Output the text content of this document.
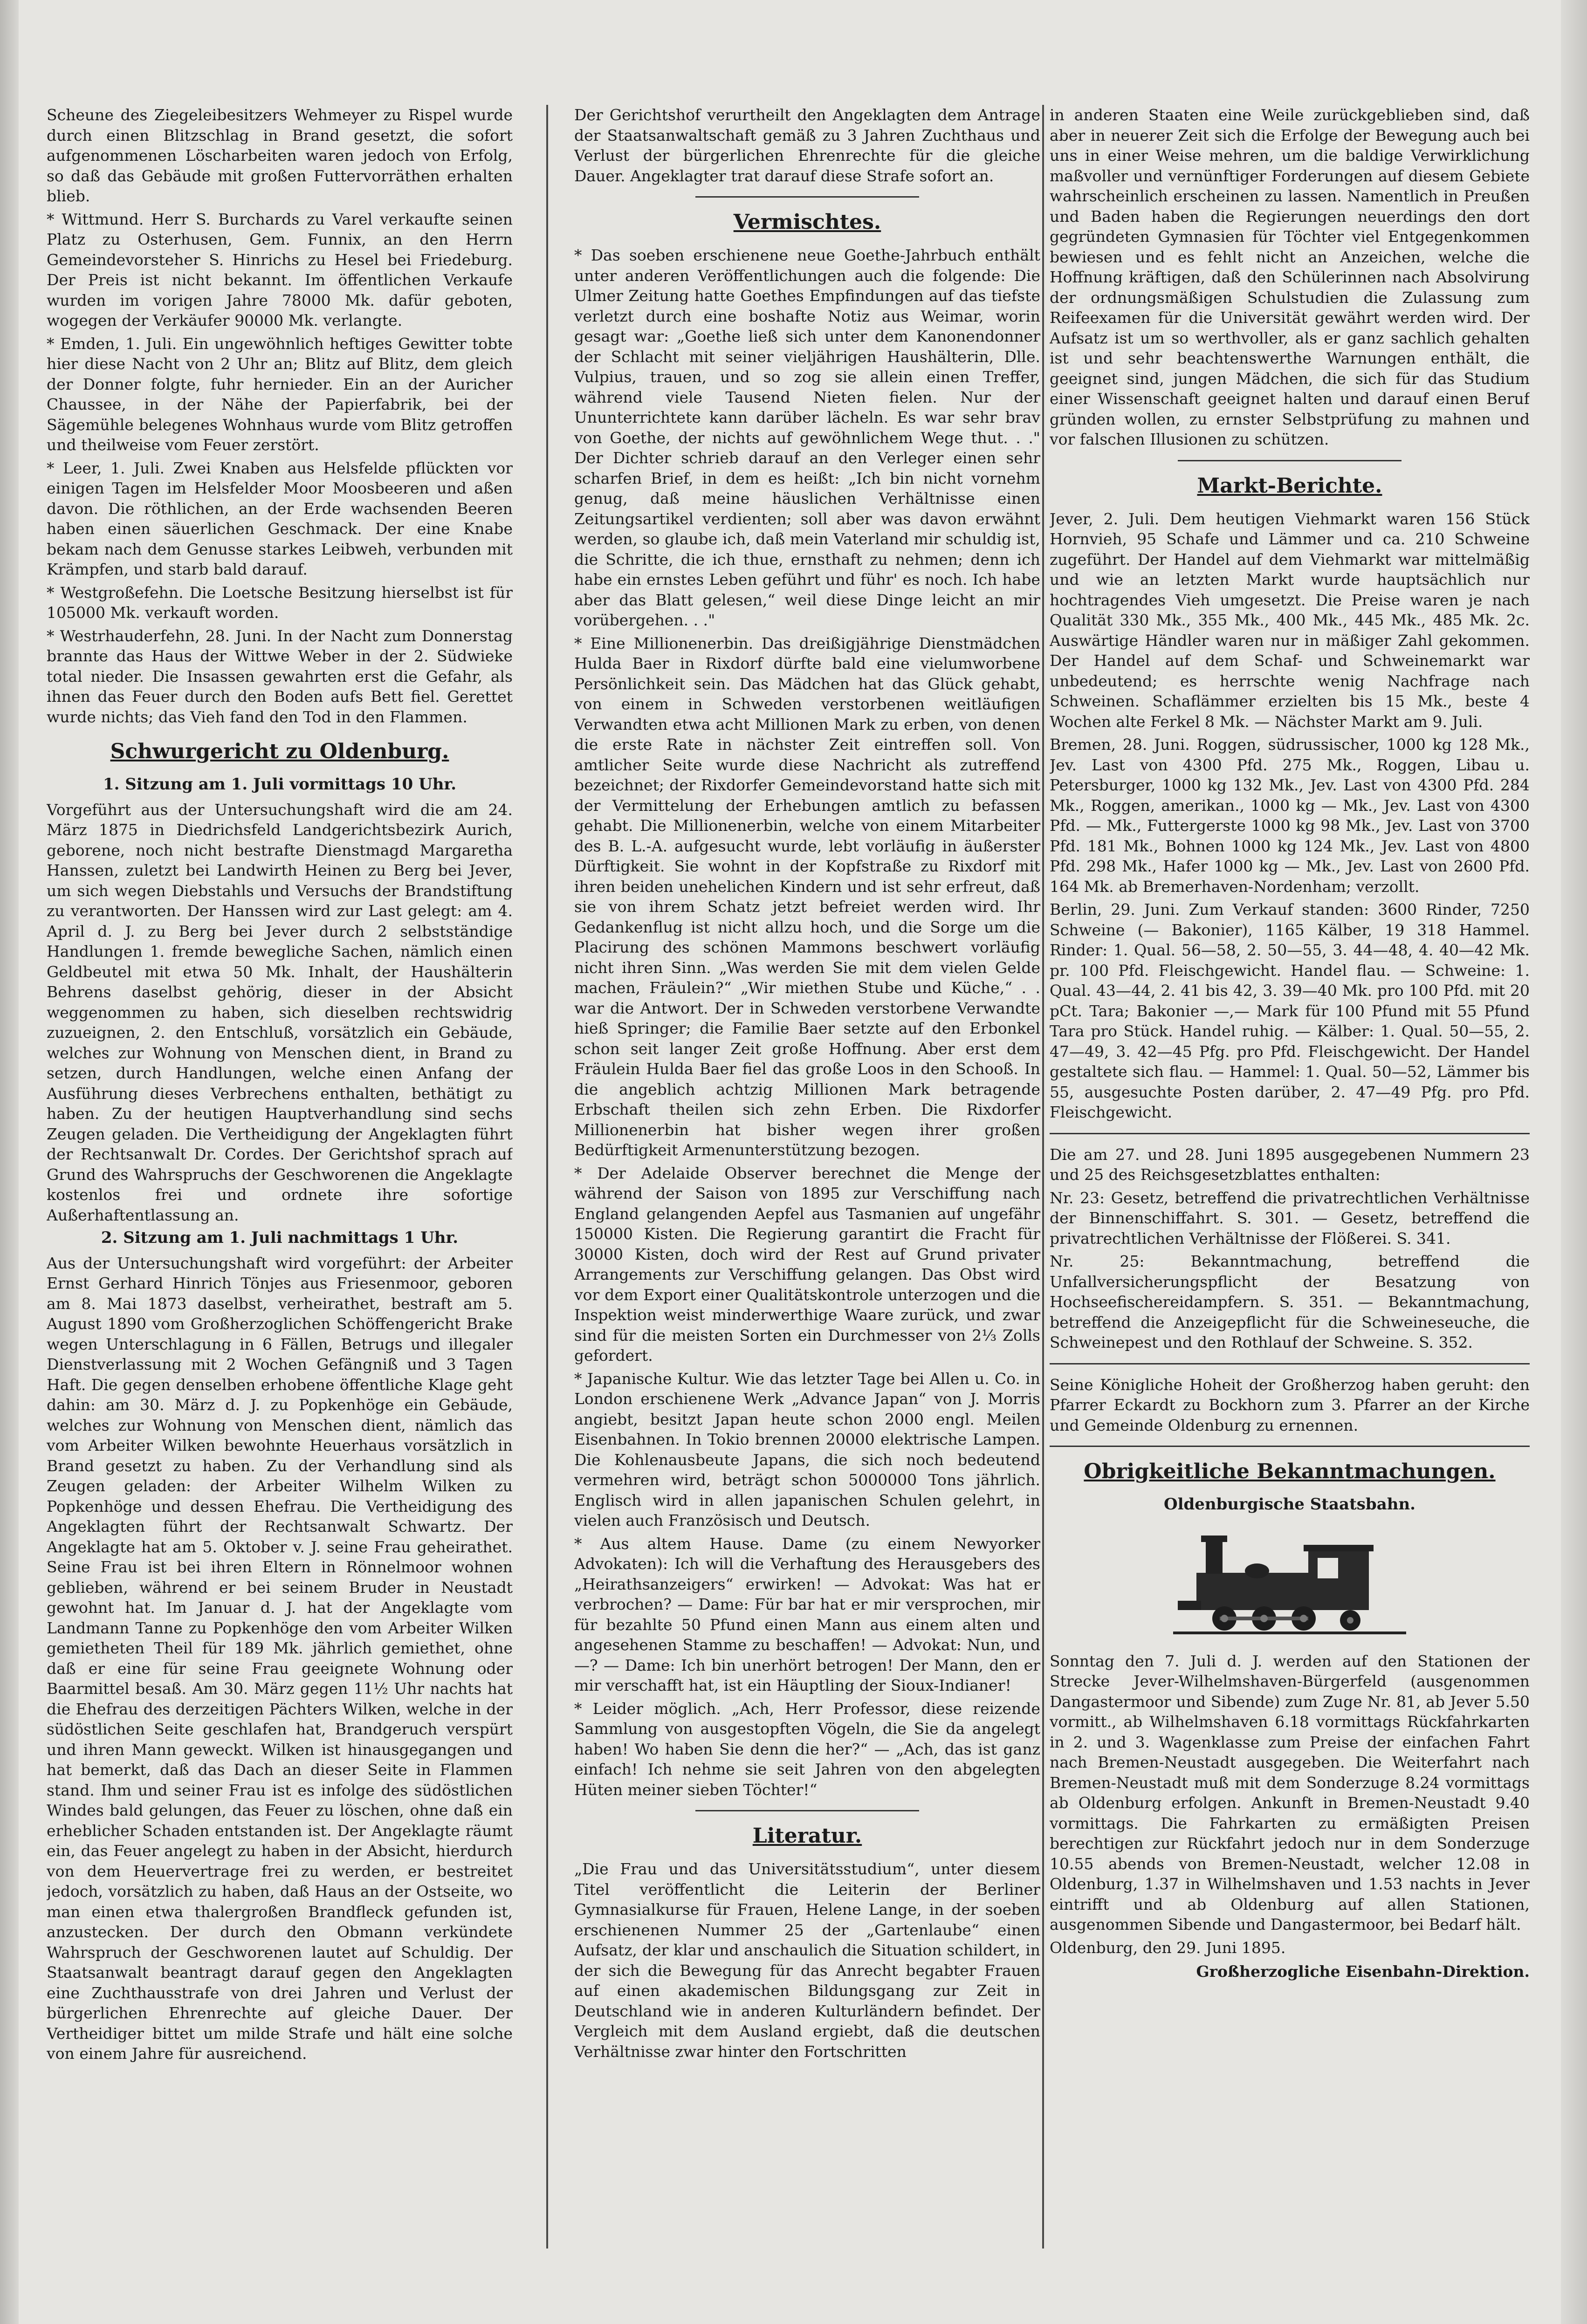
Scheune des Ziegeleibesitzers Wehmeyer zu Rispel wurde durch einen Blitzschlag in Brand gesetzt, die sofort aufgenommenen Löscharbeiten waren jedoch von Erfolg, so daß das Gebäude mit großen Futtervorräthen erhalten blieb.

* Wittmund. Herr S. Burchards zu Varel verkaufte seinen Platz zu Osterhusen, Gem. Funnix, an den Herrn Gemeindevorsteher S. Hinrichs zu Hesel bei Friedeburg. Der Preis ist nicht bekannt. Im öffentlichen Verkaufe wurden im vorigen Jahre 78000 Mk. dafür geboten, wogegen der Verkäufer 90000 Mk. verlangte.

* Emden, 1. Juli. Ein ungewöhnlich heftiges Gewitter tobte hier diese Nacht von 2 Uhr an; Blitz auf Blitz, dem gleich der Donner folgte, fuhr hernieder. Ein an der Auricher Chaussee, in der Nähe der Papierfabrik, bei der Sägemühle belegenes Wohnhaus wurde vom Blitz getroffen und theilweise vom Feuer zerstört.

* Leer, 1. Juli. Zwei Knaben aus Helsfelde pflückten vor einigen Tagen im Helsfelder Moor Moosbeeren und aßen davon. Die röthlichen, an der Erde wachsenden Beeren haben einen säuerlichen Geschmack. Der eine Knabe bekam nach dem Genusse starkes Leibweh, verbunden mit Krämpfen, und starb bald darauf.

* Westgroßefehn. Die Loetsche Besitzung hierselbst ist für 105000 Mk. verkauft worden.

* Westrhauderfehn, 28. Juni. In der Nacht zum Donnerstag brannte das Haus der Wittwe Weber in der 2. Südwieke total nieder. Die Insassen gewahrten erst die Gefahr, als ihnen das Feuer durch den Boden aufs Bett fiel. Gerettet wurde nichts; das Vieh fand den Tod in den Flammen.

Schwurgericht zu Oldenburg.
1. Sitzung am 1. Juli vormittags 10 Uhr.

Vorgeführt aus der Untersuchungshaft wird die am 24. März 1875 in Diedrichsfeld Landgerichtsbezirk Aurich, geborene, noch nicht bestrafte Dienstmagd Margaretha Hanssen, zuletzt bei Landwirth Heinen zu Berg bei Jever, um sich wegen Diebstahls und Versuchs der Brandstiftung zu verantworten. Der Hanssen wird zur Last gelegt: am 4. April d. J. zu Berg bei Jever durch 2 selbstständige Handlungen 1. fremde bewegliche Sachen, nämlich einen Geldbeutel mit etwa 50 Mk. Inhalt, der Haushälterin Behrens daselbst gehörig, dieser in der Absicht weggenommen zu haben, sich dieselben rechtswidrig zuzueignen, 2. den Entschluß, vorsätzlich ein Gebäude, welches zur Wohnung von Menschen dient, in Brand zu setzen, durch Handlungen, welche einen Anfang der Ausführung dieses Verbrechens enthalten, bethätigt zu haben. Zu der heutigen Hauptverhandlung sind sechs Zeugen geladen. Die Vertheidigung der Angeklagten führt der Rechtsanwalt Dr. Cordes. Der Gerichtshof sprach auf Grund des Wahrspruchs der Geschworenen die Angeklagte kostenlos frei und ordnete ihre sofortige Außerhaftentlassung an.

2. Sitzung am 1. Juli nachmittags 1 Uhr.

Aus der Untersuchungshaft wird vorgeführt: der Arbeiter Ernst Gerhard Hinrich Tönjes aus Friesenmoor, geboren am 8. Mai 1873 daselbst, verheirathet, bestraft am 5. August 1890 vom Großherzoglichen Schöffengericht Brake wegen Unterschlagung in 6 Fällen, Betrugs und illegaler Dienstverlassung mit 2 Wochen Gefängniß und 3 Tagen Haft. Die gegen denselben erhobene öffentliche Klage geht dahin: am 30. März d. J. zu Popkenhöge ein Gebäude, welches zur Wohnung von Menschen dient, nämlich das vom Arbeiter Wilken bewohnte Heuerhaus vorsätzlich in Brand gesetzt zu haben. Zu der Verhandlung sind als Zeugen geladen: der Arbeiter Wilhelm Wilken zu Popkenhöge und dessen Ehefrau. Die Vertheidigung des Angeklagten führt der Rechtsanwalt Schwartz. Der Angeklagte hat am 5. Oktober v. J. seine Frau geheirathet. Seine Frau ist bei ihren Eltern in Rönnelmoor wohnen geblieben, während er bei seinem Bruder in Neustadt gewohnt hat. Im Januar d. J. hat der Angeklagte vom Landmann Tanne zu Popkenhöge den vom Arbeiter Wilken gemietheten Theil für 189 Mk. jährlich gemiethet, ohne daß er eine für seine Frau geeignete Wohnung oder Baarmittel besaß. Am 30. März gegen 11½ Uhr nachts hat die Ehefrau des derzeitigen Pächters Wilken, welche in der südöstlichen Seite geschlafen hat, Brandgeruch verspürt und ihren Mann geweckt. Wilken ist hinausgegangen und hat bemerkt, daß das Dach an dieser Seite in Flammen stand. Ihm und seiner Frau ist es infolge des südöstlichen Windes bald gelungen, das Feuer zu löschen, ohne daß ein erheblicher Schaden entstanden ist. Der Angeklagte räumt ein, das Feuer angelegt zu haben in der Absicht, hierdurch von dem Heuervertrage frei zu werden, er bestreitet jedoch, vorsätzlich zu haben, daß Haus an der Ostseite, wo man einen etwa thalergroßen Brandfleck gefunden ist, anzustecken. Der durch den Obmann verkündete Wahrspruch der Geschworenen lautet auf Schuldig. Der Staatsanwalt beantragt darauf gegen den Angeklagten eine Zuchthausstrafe von drei Jahren und Verlust der bürgerlichen Ehrenrechte auf gleiche Dauer. Der Vertheidiger bittet um milde Strafe und hält eine solche von einem Jahre für ausreichend.

Der Gerichtshof verurtheilt den Angeklagten dem Antrage der Staatsanwaltschaft gemäß zu 3 Jahren Zuchthaus und Verlust der bürgerlichen Ehrenrechte für die gleiche Dauer. Angeklagter trat darauf diese Strafe sofort an.

Vermischtes.

* Das soeben erschienene neue Goethe-Jahrbuch enthält unter anderen Veröffentlichungen auch die folgende: Die Ulmer Zeitung hatte Goethes Empfindungen auf das tiefste verletzt durch eine boshafte Notiz aus Weimar, worin gesagt war: „Goethe ließ sich unter dem Kanonendonner der Schlacht mit seiner vieljährigen Haushälterin, Dlle. Vulpius, trauen, und so zog sie allein einen Treffer, während viele Tausend Nieten fielen. Nur der Ununterrichtete kann darüber lächeln. Es war sehr brav von Goethe, der nichts auf gewöhnlichem Wege thut. . ." Der Dichter schrieb darauf an den Verleger einen sehr scharfen Brief, in dem es heißt: „Ich bin nicht vornehm genug, daß meine häuslichen Verhältnisse einen Zeitungsartikel verdienten; soll aber was davon erwähnt werden, so glaube ich, daß mein Vaterland mir schuldig ist, die Schritte, die ich thue, ernsthaft zu nehmen; denn ich habe ein ernstes Leben geführt und führ' es noch. Ich habe aber das Blatt gelesen,“ weil diese Dinge leicht an mir vorübergehen. . ."

* Eine Millionenerbin. Das dreißigjährige Dienstmädchen Hulda Baer in Rixdorf dürfte bald eine vielumworbene Persönlichkeit sein. Das Mädchen hat das Glück gehabt, von einem in Schweden verstorbenen weitläufigen Verwandten etwa acht Millionen Mark zu erben, von denen die erste Rate in nächster Zeit eintreffen soll. Von amtlicher Seite wurde diese Nachricht als zutreffend bezeichnet; der Rixdorfer Gemeindevorstand hatte sich mit der Vermittelung der Erhebungen amtlich zu befassen gehabt. Die Millionenerbin, welche von einem Mitarbeiter des B. L.-A. aufgesucht wurde, lebt vorläufig in äußerster Dürftigkeit. Sie wohnt in der Kopfstraße zu Rixdorf mit ihren beiden unehelichen Kindern und ist sehr erfreut, daß sie von ihrem Schatz jetzt befreiet werden wird. Ihr Gedankenflug ist nicht allzu hoch, und die Sorge um die Placirung des schönen Mammons beschwert vorläufig nicht ihren Sinn. „Was werden Sie mit dem vielen Gelde machen, Fräulein?“ „Wir miethen Stube und Küche,“ . . war die Antwort. Der in Schweden verstorbene Verwandte hieß Springer; die Familie Baer setzte auf den Erbonkel schon seit langer Zeit große Hoffnung. Aber erst dem Fräulein Hulda Baer fiel das große Loos in den Schooß. In die angeblich achtzig Millionen Mark betragende Erbschaft theilen sich zehn Erben. Die Rixdorfer Millionenerbin hat bisher wegen ihrer großen Bedürftigkeit Armenunterstützung bezogen.

* Der Adelaide Observer berechnet die Menge der während der Saison von 1895 zur Verschiffung nach England gelangenden Aepfel aus Tasmanien auf ungefähr 150000 Kisten. Die Regierung garantirt die Fracht für 30000 Kisten, doch wird der Rest auf Grund privater Arrangements zur Verschiffung gelangen. Das Obst wird vor dem Export einer Qualitätskontrole unterzogen und die Inspektion weist minderwerthige Waare zurück, und zwar sind für die meisten Sorten ein Durchmesser von 2⅓ Zolls gefordert.

* Japanische Kultur. Wie das letzter Tage bei Allen u. Co. in London erschienene Werk „Advance Japan“ von J. Morris angiebt, besitzt Japan heute schon 2000 engl. Meilen Eisenbahnen. In Tokio brennen 20000 elektrische Lampen. Die Kohlenausbeute Japans, die sich noch bedeutend vermehren wird, beträgt schon 5000000 Tons jährlich. Englisch wird in allen japanischen Schulen gelehrt, in vielen auch Französisch und Deutsch.

* Aus altem Hause. Dame (zu einem Newyorker Advokaten): Ich will die Verhaftung des Herausgebers des „Heirathsanzeigers“ erwirken! — Advokat: Was hat er verbrochen? — Dame: Für bar hat er mir versprochen, mir für bezahlte 50 Pfund einen Mann aus einem alten und angesehenen Stamme zu beschaffen! — Advokat: Nun, und —? — Dame: Ich bin unerhört betrogen! Der Mann, den er mir verschafft hat, ist ein Häuptling der Sioux-Indianer!

* Leider möglich. „Ach, Herr Professor, diese reizende Sammlung von ausgestopften Vögeln, die Sie da angelegt haben! Wo haben Sie denn die her?“ — „Ach, das ist ganz einfach! Ich nehme sie seit Jahren von den abgelegten Hüten meiner sieben Töchter!“

Literatur.

„Die Frau und das Universitätsstudium“, unter diesem Titel veröffentlicht die Leiterin der Berliner Gymnasialkurse für Frauen, Helene Lange, in der soeben erschienenen Nummer 25 der „Gartenlaube“ einen Aufsatz, der klar und anschaulich die Situation schildert, in der sich die Bewegung für das Anrecht begabter Frauen auf einen akademischen Bildungsgang zur Zeit in Deutschland wie in anderen Kulturländern befindet. Der Vergleich mit dem Ausland ergiebt, daß die deutschen Verhältnisse zwar hinter den Fortschritten

in anderen Staaten eine Weile zurückgeblieben sind, daß aber in neuerer Zeit sich die Erfolge der Bewegung auch bei uns in einer Weise mehren, um die baldige Verwirklichung maßvoller und vernünftiger Forderungen auf diesem Gebiete wahrscheinlich erscheinen zu lassen. Namentlich in Preußen und Baden haben die Regierungen neuerdings den dort gegründeten Gymnasien für Töchter viel Entgegenkommen bewiesen und es fehlt nicht an Anzeichen, welche die Hoffnung kräftigen, daß den Schülerinnen nach Absolvirung der ordnungsmäßigen Schulstudien die Zulassung zum Reifeexamen für die Universität gewährt werden wird. Der Aufsatz ist um so werthvoller, als er ganz sachlich gehalten ist und sehr beachtenswerthe Warnungen enthält, die geeignet sind, jungen Mädchen, die sich für das Studium einer Wissenschaft geeignet halten und darauf einen Beruf gründen wollen, zu ernster Selbstprüfung zu mahnen und vor falschen Illusionen zu schützen.

Markt-Berichte.

Jever, 2. Juli. Dem heutigen Viehmarkt waren 156 Stück Hornvieh, 95 Schafe und Lämmer und ca. 210 Schweine zugeführt. Der Handel auf dem Viehmarkt war mittelmäßig und wie an letzten Markt wurde hauptsächlich nur hochtragendes Vieh umgesetzt. Die Preise waren je nach Qualität 330 Mk., 355 Mk., 400 Mk., 445 Mk., 485 Mk. 2c. Auswärtige Händler waren nur in mäßiger Zahl gekommen. Der Handel auf dem Schaf- und Schweinemarkt war unbedeutend; es herrschte wenig Nachfrage nach Schweinen. Schaflämmer erzielten bis 15 Mk., beste 4 Wochen alte Ferkel 8 Mk. — Nächster Markt am 9. Juli.

Bremen, 28. Juni. Roggen, südrussischer, 1000 kg 128 Mk., Jev. Last von 4300 Pfd. 275 Mk., Roggen, Libau u. Petersburger, 1000 kg 132 Mk., Jev. Last von 4300 Pfd. 284 Mk., Roggen, amerikan., 1000 kg — Mk., Jev. Last von 4300 Pfd. — Mk., Futtergerste 1000 kg 98 Mk., Jev. Last von 3700 Pfd. 181 Mk., Bohnen 1000 kg 124 Mk., Jev. Last von 4800 Pfd. 298 Mk., Hafer 1000 kg — Mk., Jev. Last von 2600 Pfd. 164 Mk. ab Bremerhaven-Nordenham; verzollt.

Berlin, 29. Juni. Zum Verkauf standen: 3600 Rinder, 7250 Schweine (— Bakonier), 1165 Kälber, 19 318 Hammel. Rinder: 1. Qual. 56—58, 2. 50—55, 3. 44—48, 4. 40—42 Mk. pr. 100 Pfd. Fleischgewicht. Handel flau. — Schweine: 1. Qual. 43—44, 2. 41 bis 42, 3. 39—40 Mk. pro 100 Pfd. mit 20 pCt. Tara; Bakonier —,— Mark für 100 Pfund mit 55 Pfund Tara pro Stück. Handel ruhig. — Kälber: 1. Qual. 50—55, 2. 47—49, 3. 42—45 Pfg. pro Pfd. Fleischgewicht. Der Handel gestaltete sich flau. — Hammel: 1. Qual. 50—52, Lämmer bis 55, ausgesuchte Posten darüber, 2. 47—49 Pfg. pro Pfd. Fleischgewicht.

Die am 27. und 28. Juni 1895 ausgegebenen Nummern 23 und 25 des Reichsgesetzblattes enthalten:

Nr. 23: Gesetz, betreffend die privatrechtlichen Verhältnisse der Binnenschiffahrt. S. 301. — Gesetz, betreffend die privatrechtlichen Verhältnisse der Flößerei. S. 341.

Nr. 25: Bekanntmachung, betreffend die Unfallversicherungspflicht der Besatzung von Hochseefischereidampfern. S. 351. — Bekanntmachung, betreffend die Anzeigepflicht für die Schweineseuche, die Schweinepest und den Rothlauf der Schweine. S. 352.

Seine Königliche Hoheit der Großherzog haben geruht: den Pfarrer Eckardt zu Bockhorn zum 3. Pfarrer an der Kirche und Gemeinde Oldenburg zu ernennen.

Obrigkeitliche Bekanntmachungen.
Oldenburgische Staatsbahn.

Sonntag den 7. Juli d. J. werden auf den Stationen der Strecke Jever-Wilhelmshaven-Bürgerfeld (ausgenommen Dangastermoor und Sibende) zum Zuge Nr. 81, ab Jever 5.50 vormitt., ab Wilhelmshaven 6.18 vormittags Rückfahrkarten in 2. und 3. Wagenklasse zum Preise der einfachen Fahrt nach Bremen-Neustadt ausgegeben. Die Weiterfahrt nach Bremen-Neustadt muß mit dem Sonderzuge 8.24 vormittags ab Oldenburg erfolgen. Ankunft in Bremen-Neustadt 9.40 vormittags. Die Fahrkarten zu ermäßigten Preisen berechtigen zur Rückfahrt jedoch nur in dem Sonderzuge 10.55 abends von Bremen-Neustadt, welcher 12.08 in Oldenburg, 1.37 in Wilhelmshaven und 1.53 nachts in Jever eintrifft und ab Oldenburg auf allen Stationen, ausgenommen Sibende und Dangastermoor, bei Bedarf hält.

Oldenburg, den 29. Juni 1895.

Großherzogliche Eisenbahn-Direktion.
